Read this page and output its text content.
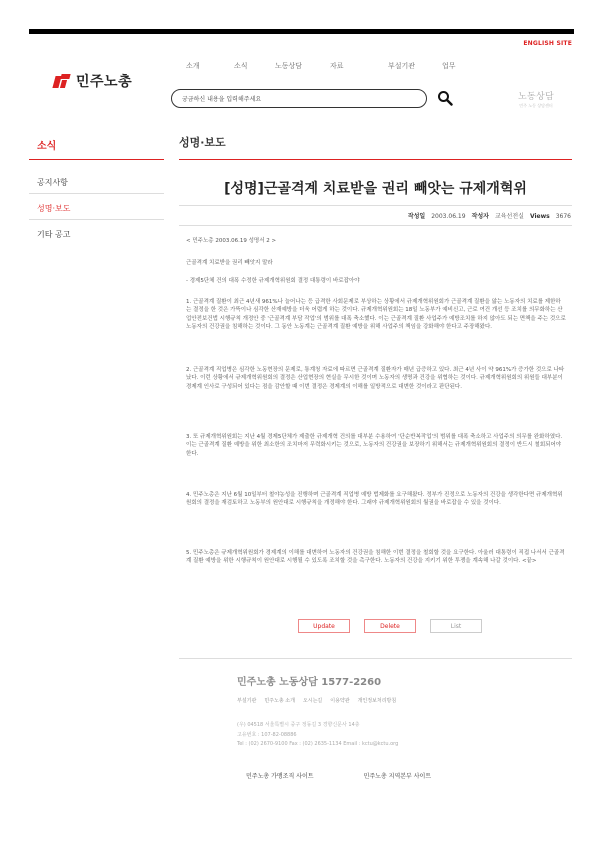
ENGLISH SITE
민주노총
소개	소식	노동상담	자료	부설기관	업무
궁금하신 내용을 입력해주세요
노동상담
민주 노동 상담센터
소식
공지사항
성명·보도
기타 공고
성명·보도
[성명]근골격계 치료받을 권리 빼앗는 규제개혁위
작성일 2003.06.19 작성자 교육선전실 Views 3676

< 민주노총 2003.06.19 성명서 2 >

근골격계 치료받을 권리 빼앗지 말라

- 경제5단체 건의 대폭 수정한 규제개혁위원회 결정 대통령이 바로잡아야

1. 근골격계 질환이 최근 4년새 961%나 늘어나는 등 급격한 사회문제로 부상하는 상황에서 규제개혁위원회가 근골격계 질환을 앓는 노동자의 치료를 제한하는 결정을 한 것은 가뜩이나 심각한 산재예방을 더욱 어렵게 하는 것이다. 규제개혁위원회는 18일 노동부가 예비신고, 근로 여건 개선 등 조치를 의무화하는 산업안전보건법 시행규칙 개정안 중 '근골격계 부담 작업'의 범위를 대폭 축소했다. 이는 근골격계 질환 사업주가 예방조치를 하지 않아도 되는 면책을 주는 것으로 노동자의 건강권을 침해하는 것이다. 그 동안 노동계는 근골격계 질환 예방을 위해 사업주의 책임을 강화해야 한다고 주장해왔다.

2. 근골격계 직업병은 심각한 노동현장의 문제로, 통계청 자료에 따르면 근골격계 질환자가 매년 급증하고 있다. 최근 4년 사이 약 961%가 증가한 것으로 나타났다. 이런 상황에서 규제개혁위원회의 결정은 산업현장의 현실을 무시한 것이며 노동자의 생명과 건강을 위협하는 것이다. 규제개혁위원회의 위원들 대부분이 경제계 인사로 구성되어 있다는 점을 감안할 때 이번 결정은 경제계의 이해를 일방적으로 대변한 것이라고 판단된다.

3. 또 규제개혁위원회는 지난 4월 경제5단체가 제출한 규제개혁 건의를 대부분 수용하여 '단순반복작업'의 범위를 대폭 축소하고 사업주의 의무를 완화하였다. 이는 근골격계 질환 예방을 위한 최소한의 조치마저 무력화시키는 것으로, 노동자의 건강권을 보장하기 위해서는 규제개혁위원회의 결정이 반드시 철회되어야 한다.

4. 민주노총은 지난 6월 10일부터 철야농성을 진행하며 근골격계 직업병 예방 법제화를 요구해왔다. 정부가 진정으로 노동자의 건강을 생각한다면 규제개혁위원회의 결정을 재검토하고 노동부의 원안대로 시행규칙을 개정해야 한다. 그래야 규제개혁위원회의 월권을 바로잡을 수 있을 것이다.

5. 민주노총은 규제개혁위원회가 경제계의 이해를 대변하여 노동자의 건강권을 침해한 이번 결정을 철회할 것을 요구한다. 아울러 대통령이 직접 나서서 근골격계 질환 예방을 위한 시행규칙이 원안대로 시행될 수 있도록 조치할 것을 촉구한다. 노동자의 건강을 지키기 위한 투쟁을 계속해 나갈 것이다. <끝>

Update	Delete	List
민주노총 노동상담 1577-2260
부설기관 민주노총 소개 오시는길 이용약관 개인정보처리방침
(우) 04518 서울특별시 중구 정동길 3 경향신문사 14층
고유번호 : 107-82-08886
Tel : (02) 2670-9100 Fax : (02) 2635-1134 Email : kctu@kctu.org
민주노총 가맹조직 사이트	민주노총 지역본부 사이트
